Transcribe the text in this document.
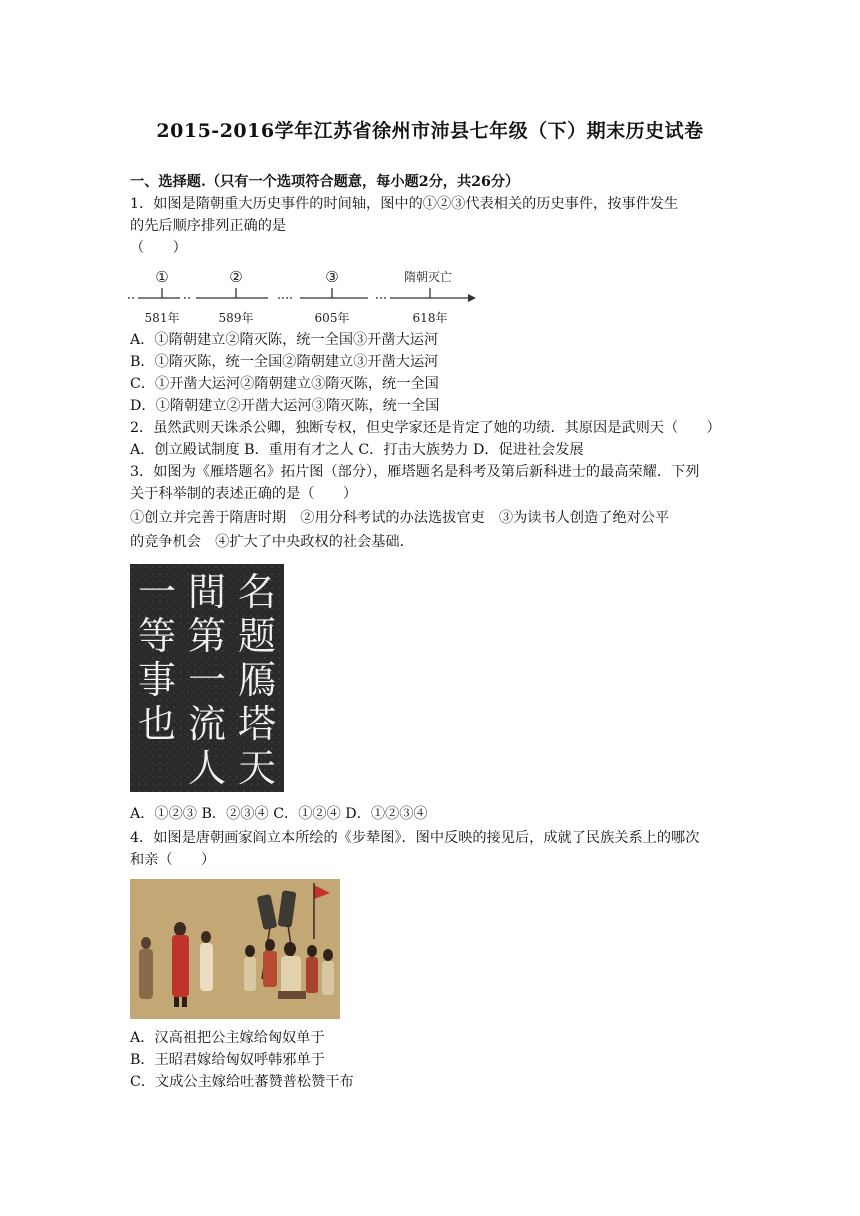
2015-2016学年江苏省徐州市沛县七年级（下）期末历史试卷
一、选择题.（只有一个选项符合题意，每小题2分，共26分）
1．如图是隋朝重大历史事件的时间轴，图中的①②③代表相关的历史事件，按事件发生
的先后顺序排列正确的是
（　　）
①	②	③	隋朝灭亡
581年	589年	605年	618年
A．①隋朝建立②隋灭陈，统一全国③开凿大运河
B．①隋灭陈，统一全国②隋朝建立③开凿大运河
C．①开凿大运河②隋朝建立③隋灭陈，统一全国
D．①隋朝建立②开凿大运河③隋灭陈，统一全国
2．虽然武则天诛杀公卿，独断专权，但史学家还是肯定了她的功绩．其原因是武则天（　　）
A．创立殿试制度 B．重用有才之人 C．打击大族势力 D．促进社会发展
3．如图为《雁塔题名》拓片图（部分），雁塔题名是科考及第后新科进士的最高荣耀．下列
关于科举制的表述正确的是（　　）
①创立并完善于隋唐时期　②用分科考试的办法选拔官吏　③为读书人创造了绝对公平
的竞争机会　④扩大了中央政权的社会基础．
名
题
鴈
塔
天
間
第
一
流
人
一
等
事
也
A．①②③ B．②③④ C．①②④ D．①②③④
4．如图是唐朝画家阎立本所绘的《步辇图》．图中反映的接见后，成就了民族关系上的哪次
和亲（　　）
A．汉高祖把公主嫁给匈奴单于
B．王昭君嫁给匈奴呼韩邪单于
C．文成公主嫁给吐蕃赞普松赞干布
